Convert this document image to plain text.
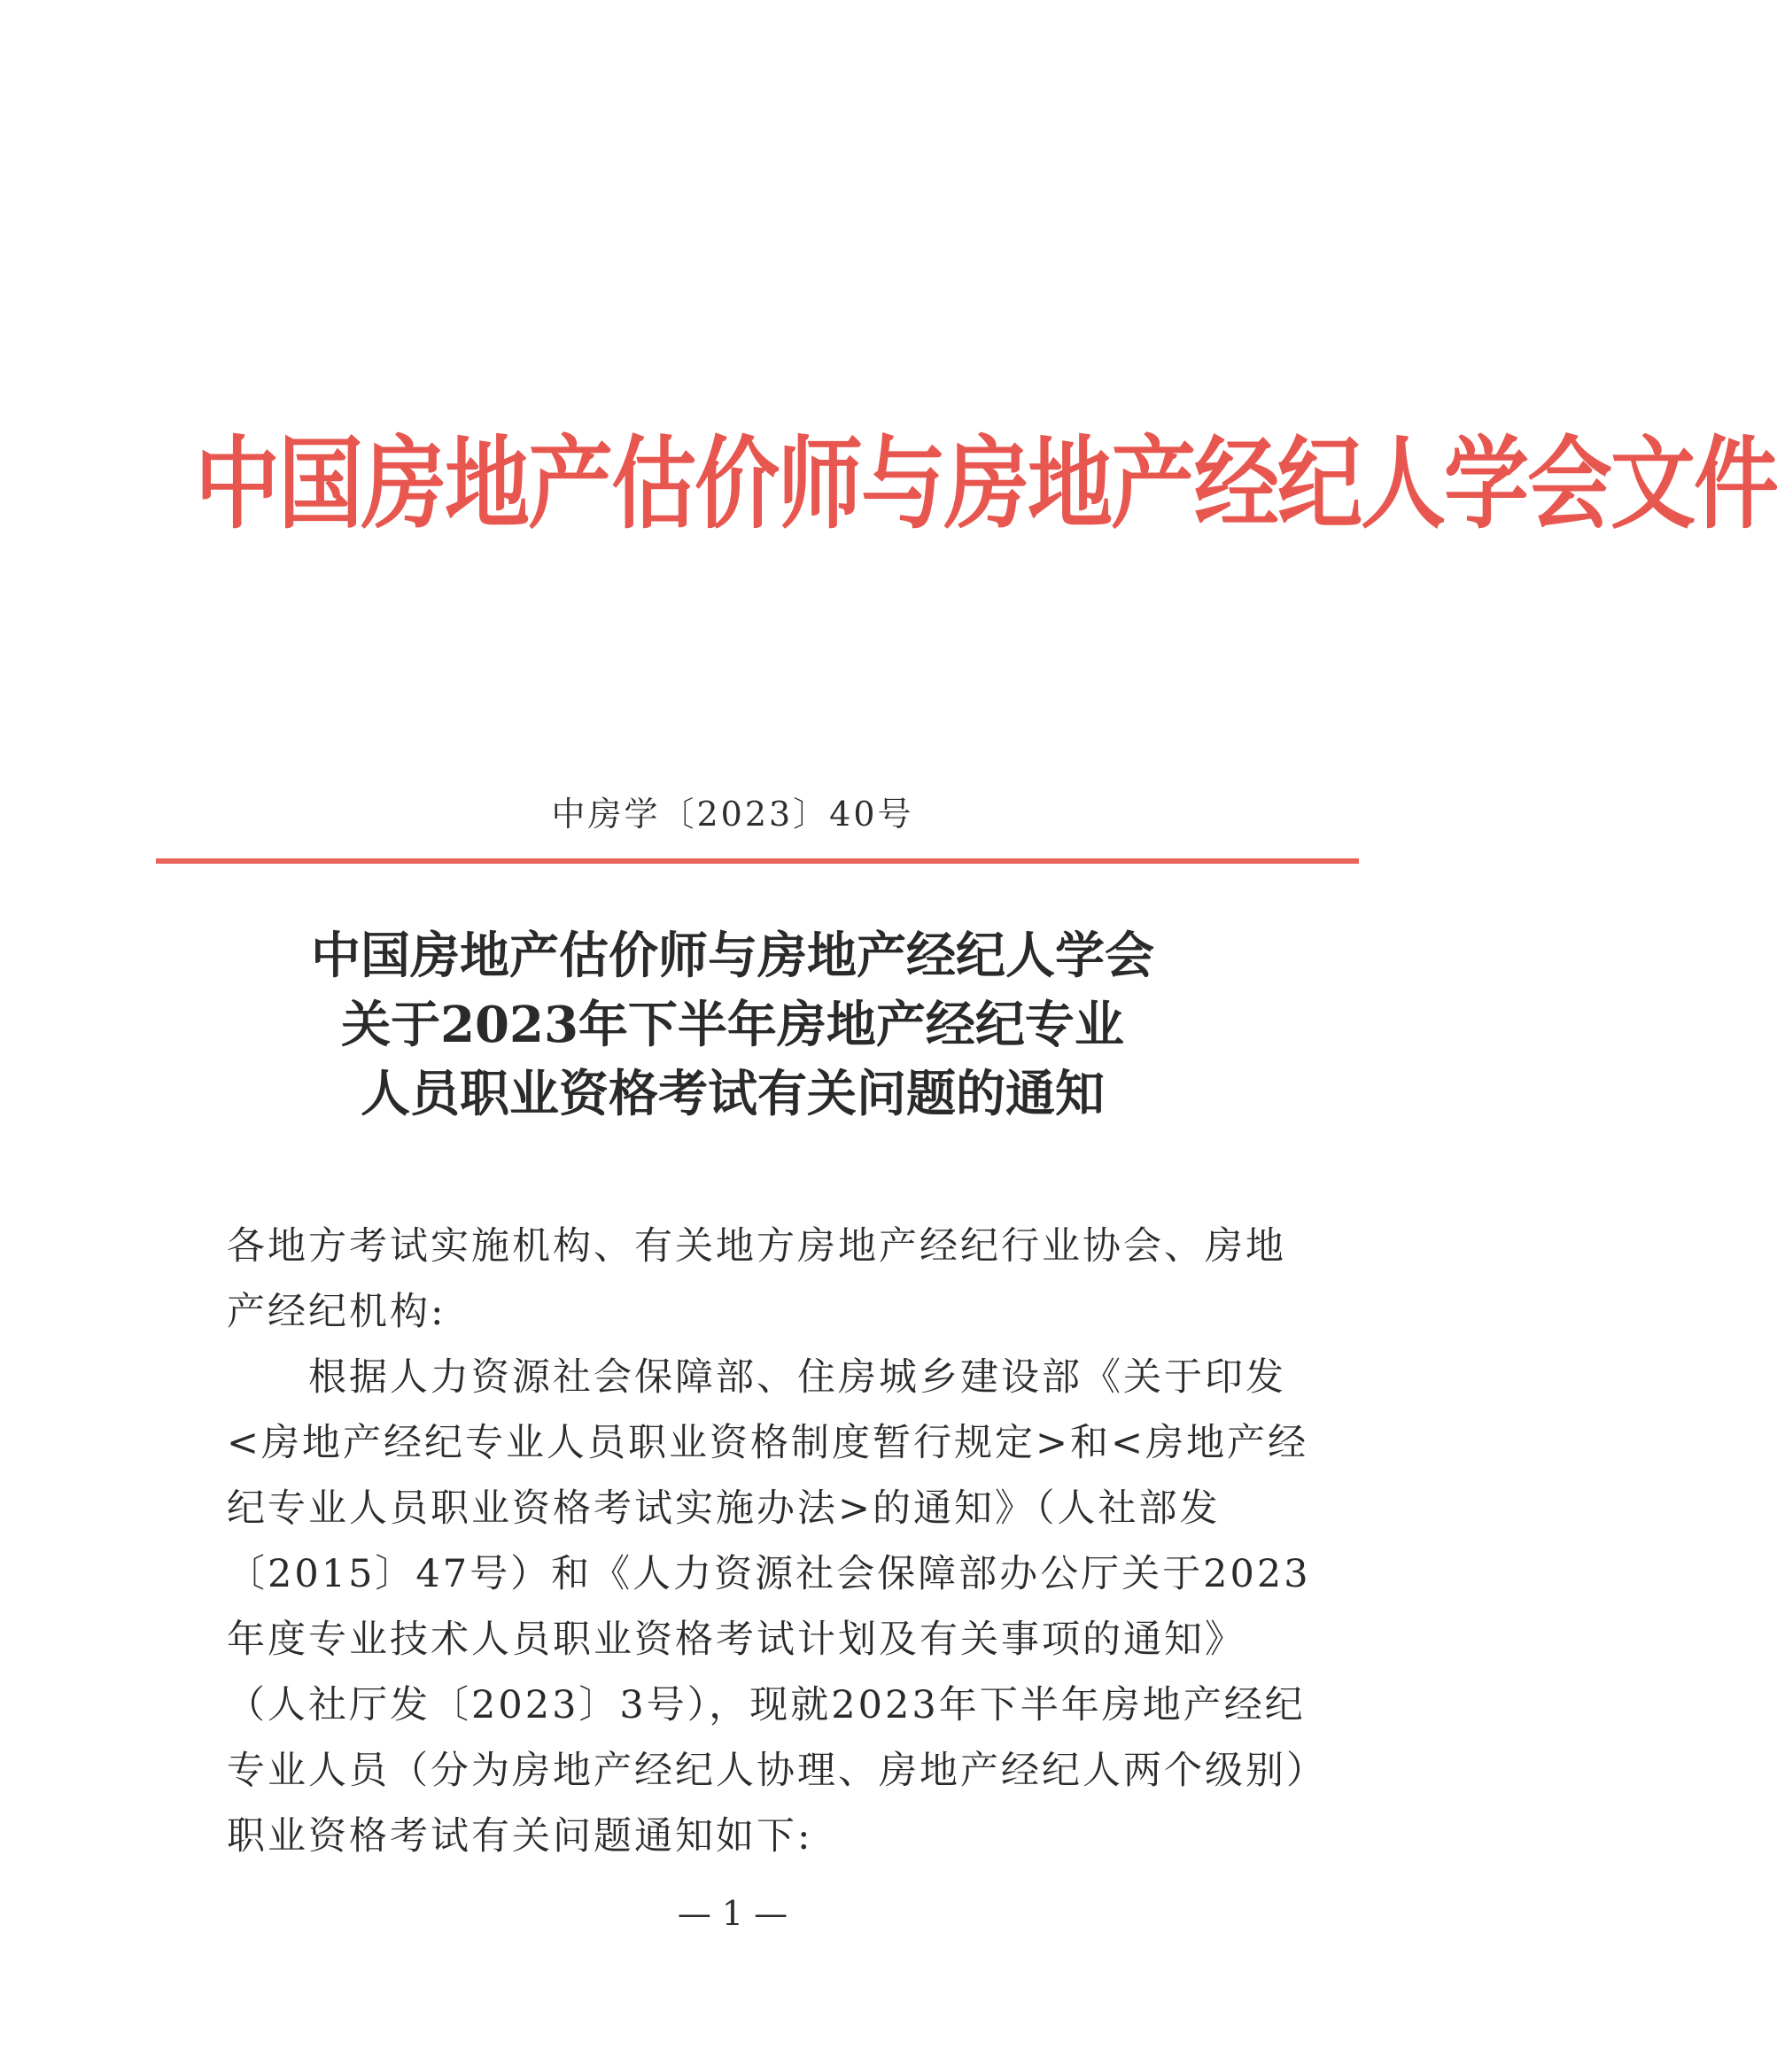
中国房地产估价师与房地产经纪人学会文件
中房学〔2023〕40号
中国房地产估价师与房地产经纪人学会
关于2023年下半年房地产经纪专业
人员职业资格考试有关问题的通知
各地方考试实施机构、有关地方房地产经纪行业协会、房地
产经纪机构:
根据人力资源社会保障部、住房城乡建设部《关于印发
<房地产经纪专业人员职业资格制度暂行规定>和<房地产经
纪专业人员职业资格考试实施办法>的通知》（人社部发
〔2015〕47号）和《人力资源社会保障部办公厅关于2023
年度专业技术人员职业资格考试计划及有关事项的通知》
（人社厅发〔2023〕3号），现就2023年下半年房地产经纪
专业人员（分为房地产经纪人协理、房地产经纪人两个级别）
职业资格考试有关问题通知如下:
— 1 —
